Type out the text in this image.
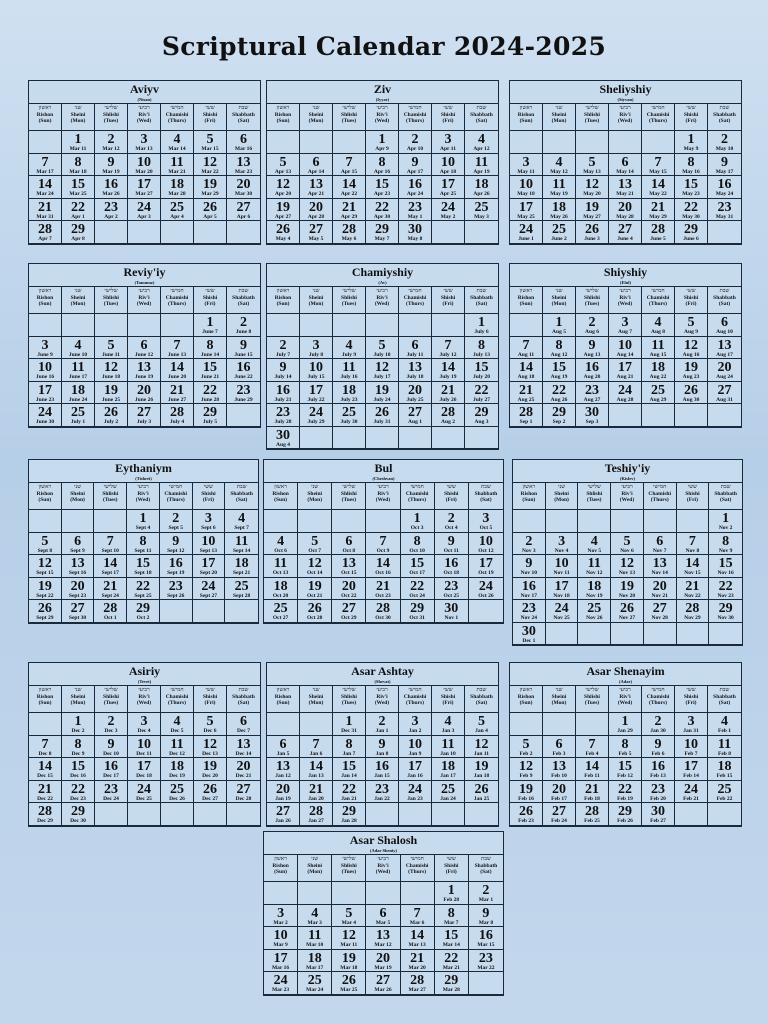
Scriptural Calendar 2024-2025
Aviyv
(Nisan)
ראשון
Rishon
(Sun)
שני
Sheini
(Mon)
שלישי
Shlishi
(Tues)
רביעי
Riv'i
(Wed)
חמישי
Chamishi
(Thurs)
ששי
Shishi
(Fri)
שבת
Shabbath
(Sat)
1
Mar 11
2
Mar 12
3
Mar 13
4
Mar 14
5
Mar 15
6
Mar 16
7
Mar 17
8
Mar 18
9
Mar 19
10
Mar 20
11
Mar 21
12
Mar 22
13
Mar 23
14
Mar 24
15
Mar 25
16
Mar 26
17
Mar 27
18
Mar 28
19
Mar 29
20
Mar 30
21
Mar 31
22
Apr 1
23
Apr 2
24
Apr 3
25
Apr 4
26
Apr 5
27
Apr 6
28
Apr 7
29
Apr 8
Ziv
(Iyyar)
ראשון
Rishon
(Sun)
שני
Sheini
(Mon)
שלישי
Shlishi
(Tues)
רביעי
Riv'i
(Wed)
חמישי
Chamishi
(Thurs)
ששי
Shishi
(Fri)
שבת
Shabbath
(Sat)
1
Apr 9
2
Apr 10
3
Apr 11
4
Apr 12
5
Apr 13
6
Apr 14
7
Apr 15
8
Apr 16
9
Apr 17
10
Apr 18
11
Apr 19
12
Apr 20
13
Apr 21
14
Apr 22
15
Apr 23
16
Apr 24
17
Apr 25
18
Apr 26
19
Apr 27
20
Apr 28
21
Apr 29
22
Apr 30
23
May 1
24
May 2
25
May 3
26
May 4
27
May 5
28
May 6
29
May 7
30
May 8
Sheliyshiy
(Siyvan)
ראשון
Rishon
(Sun)
שני
Sheini
(Mon)
שלישי
Shlishi
(Tues)
רביעי
Riv'i
(Wed)
חמישי
Chamishi
(Thurs)
ששי
Shishi
(Fri)
שבת
Shabbath
(Sat)
1
May 9
2
May 10
3
May 11
4
May 12
5
May 13
6
May 14
7
May 15
8
May 16
9
May 17
10
May 18
11
May 19
12
May 20
13
May 21
14
May 22
15
May 23
16
May 24
17
May 25
18
May 26
19
May 27
20
May 28
21
May 29
22
May 30
23
May 31
24
June 1
25
June 2
26
June 3
27
June 4
28
June 5
29
June 6
Reviy'iy
(Tammuz)
ראשון
Rishon
(Sun)
שני
Sheini
(Mon)
שלישי
Shlishi
(Tues)
רביעי
Riv'i
(Wed)
חמישי
Chamishi
(Thurs)
ששי
Shishi
(Fri)
שבת
Shabbath
(Sat)
1
June 7
2
June 8
3
June 9
4
June 10
5
June 11
6
June 12
7
June 13
8
June 14
9
June 15
10
June 16
11
June 17
12
June 18
13
June 19
14
June 20
15
June 21
16
June 22
17
June 23
18
June 24
19
June 25
20
June 26
21
June 27
22
June 28
23
June 29
24
June 30
25
July 1
26
July 2
27
July 3
28
July 4
29
July 5
Chamiyshiy
(Av)
ראשון
Rishon
(Sun)
שני
Sheini
(Mon)
שלישי
Shlishi
(Tues)
רביעי
Riv'i
(Wed)
חמישי
Chamishi
(Thurs)
ששי
Shishi
(Fri)
שבת
Shabbath
(Sat)
1
July 6
2
July 7
3
July 8
4
July 9
5
July 10
6
July 11
7
July 12
8
July 13
9
July 14
10
July 15
11
July 16
12
July 17
13
July 18
14
July 19
15
July 20
16
July 21
17
July 22
18
July 23
19
July 24
20
July 25
21
July 26
22
July 27
23
July 28
24
July 29
25
July 30
26
July 31
27
Aug 1
28
Aug 2
29
Aug 3
30
Aug 4
Shiyshiy
(Elul)
ראשון
Rishon
(Sun)
שני
Sheini
(Mon)
שלישי
Shlishi
(Tues)
רביעי
Riv'i
(Wed)
חמישי
Chamishi
(Thurs)
ששי
Shishi
(Fri)
שבת
Shabbath
(Sat)
1
Aug 5
2
Aug 6
3
Aug 7
4
Aug 8
5
Aug 9
6
Aug 10
7
Aug 11
8
Aug 12
9
Aug 13
10
Aug 14
11
Aug 15
12
Aug 16
13
Aug 17
14
Aug 18
15
Aug 19
16
Aug 20
17
Aug 21
18
Aug 22
19
Aug 23
20
Aug 24
21
Aug 25
22
Aug 26
23
Aug 27
24
Aug 28
25
Aug 29
26
Aug 30
27
Aug 31
28
Sep 1
29
Sep 2
30
Sep 3
Eythaniym
(Tishrei)
ראשון
Rishon
(Sun)
שני
Sheini
(Mon)
שלישי
Shlishi
(Tues)
רביעי
Riv'i
(Wed)
חמישי
Chamishi
(Thurs)
ששי
Shishi
(Fri)
שבת
Shabbath
(Sat)
1
Sept 4
2
Sept 5
3
Sept 6
4
Sept 7
5
Sept 8
6
Sept 9
7
Sept 10
8
Sept 11
9
Sept 12
10
Sept 13
11
Sept 14
12
Sept 15
13
Sept 16
14
Sept 17
15
Sept 18
16
Sept 19
17
Sept 20
18
Sept 21
19
Sept 22
20
Sept 23
21
Sept 24
22
Sept 25
23
Sept 26
24
Sept 27
25
Sept 28
26
Sept 29
27
Sept 30
28
Oct 1
29
Oct 2
Bul
(Cheshvan)
ראשון
Rishon
(Sun)
שני
Sheini
(Mon)
שלישי
Shlishi
(Tues)
רביעי
Riv'i
(Wed)
חמישי
Chamishi
(Thurs)
ששי
Shishi
(Fri)
שבת
Shabbath
(Sat)
1
Oct 3
2
Oct 4
3
Oct 5
4
Oct 6
5
Oct 7
6
Oct 8
7
Oct 9
8
Oct 10
9
Oct 11
10
Oct 12
11
Oct 13
12
Oct 14
13
Oct 15
14
Oct 16
15
Oct 17
16
Oct 18
17
Oct 19
18
Oct 20
19
Oct 21
20
Oct 22
21
Oct 23
22
Oct 24
23
Oct 25
24
Oct 26
25
Oct 27
26
Oct 28
27
Oct 29
28
Oct 30
29
Oct 31
30
Nov 1
Teshiy'iy
(Kislev)
ראשון
Rishon
(Sun)
שני
Sheini
(Mon)
שלישי
Shlishi
(Tues)
רביעי
Riv'i
(Wed)
חמישי
Chamishi
(Thurs)
ששי
Shishi
(Fri)
שבת
Shabbath
(Sat)
1
Nov 2
2
Nov 3
3
Nov 4
4
Nov 5
5
Nov 6
6
Nov 7
7
Nov 8
8
Nov 9
9
Nov 10
10
Nov 11
11
Nov 12
12
Nov 13
13
Nov 14
14
Nov 15
15
Nov 16
16
Nov 17
17
Nov 18
18
Nov 19
19
Nov 20
20
Nov 21
21
Nov 22
22
Nov 23
23
Nov 24
24
Nov 25
25
Nov 26
26
Nov 27
27
Nov 28
28
Nov 29
29
Nov 30
30
Dec 1
Asiriy
(Tevet)
ראשון
Rishon
(Sun)
שני
Sheini
(Mon)
שלישי
Shlishi
(Tues)
רביעי
Riv'i
(Wed)
חמישי
Chamishi
(Thurs)
ששי
Shishi
(Fri)
שבת
Shabbath
(Sat)
1
Dec 2
2
Dec 3
3
Dec 4
4
Dec 5
5
Dec 6
6
Dec 7
7
Dec 8
8
Dec 9
9
Dec 10
10
Dec 11
11
Dec 12
12
Dec 13
13
Dec 14
14
Dec 15
15
Dec 16
16
Dec 17
17
Dec 18
18
Dec 19
19
Dec 20
20
Dec 21
21
Dec 22
22
Dec 23
23
Dec 24
24
Dec 25
25
Dec 26
26
Dec 27
27
Dec 28
28
Dec 29
29
Dec 30
Asar Ashtay
(Shevat)
ראשון
Rishon
(Sun)
שני
Sheini
(Mon)
שלישי
Shlishi
(Tues)
רביעי
Riv'i
(Wed)
חמישי
Chamishi
(Thurs)
ששי
Shishi
(Fri)
שבת
Shabbath
(Sat)
1
Dec 31
2
Jan 1
3
Jan 2
4
Jan 3
5
Jan 4
6
Jan 5
7
Jan 6
8
Jan 7
9
Jan 8
10
Jan 9
11
Jan 10
12
Jan 11
13
Jan 12
14
Jan 13
15
Jan 14
16
Jan 15
17
Jan 16
18
Jan 17
19
Jan 18
20
Jan 19
21
Jan 20
22
Jan 21
23
Jan 22
24
Jan 23
25
Jan 24
26
Jan 25
27
Jan 26
28
Jan 27
29
Jan 28
Asar Shenayim
(Adar)
ראשון
Rishon
(Sun)
שני
Sheini
(Mon)
שלישי
Shlishi
(Tues)
רביעי
Riv'i
(Wed)
חמישי
Chamishi
(Thurs)
ששי
Shishi
(Fri)
שבת
Shabbath
(Sat)
1
Jan 29
2
Jan 30
3
Jan 31
4
Feb 1
5
Feb 2
6
Feb 3
7
Feb 4
8
Feb 5
9
Feb 6
10
Feb 7
11
Feb 8
12
Feb 9
13
Feb 10
14
Feb 11
15
Feb 12
16
Feb 13
17
Feb 14
18
Feb 15
19
Feb 16
20
Feb 17
21
Feb 18
22
Feb 19
23
Feb 20
24
Feb 21
25
Feb 22
26
Feb 23
27
Feb 24
28
Feb 25
29
Feb 26
30
Feb 27
Asar Shalosh
(Adar Sheniy)
ראשון
Rishon
(Sun)
שני
Sheini
(Mon)
שלישי
Shlishi
(Tues)
רביעי
Riv'i
(Wed)
חמישי
Chamishi
(Thurs)
ששי
Shishi
(Fri)
שבת
Shabbath
(Sat)
1
Feb 28
2
Mar 1
3
Mar 2
4
Mar 3
5
Mar 4
6
Mar 5
7
Mar 6
8
Mar 7
9
Mar 8
10
Mar 9
11
Mar 10
12
Mar 11
13
Mar 12
14
Mar 13
15
Mar 14
16
Mar 15
17
Mar 16
18
Mar 17
19
Mar 18
20
Mar 19
21
Mar 20
22
Mar 21
23
Mar 22
24
Mar 23
25
Mar 24
26
Mar 25
27
Mar 26
28
Mar 27
29
Mar 28
